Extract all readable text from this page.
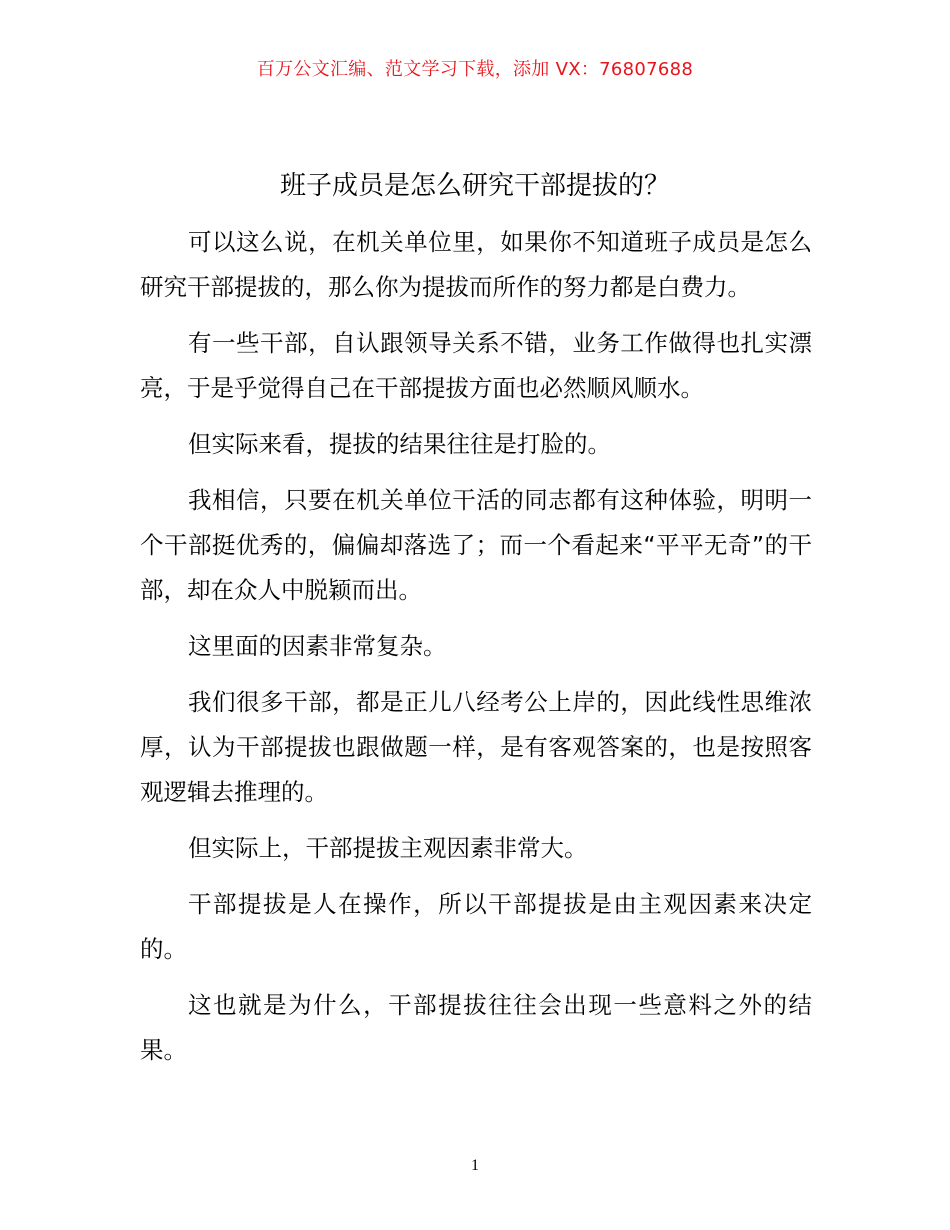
百万公文汇编、范文学习下载，添加 VX：76807688
班子成员是怎么研究干部提拔的？

可以这么说，在机关单位里，如果你不知道班子成员是怎么研究干部提拔的，那么你为提拔而所作的努力都是白费力。

有一些干部，自认跟领导关系不错，业务工作做得也扎实漂亮，于是乎觉得自己在干部提拔方面也必然顺风顺水。

但实际来看，提拔的结果往往是打脸的。

我相信，只要在机关单位干活的同志都有这种体验，明明一个干部挺优秀的，偏偏却落选了；而一个看起来“平平无奇”的干部，却在众人中脱颖而出。

这里面的因素非常复杂。

我们很多干部，都是正儿八经考公上岸的，因此线性思维浓厚，认为干部提拔也跟做题一样，是有客观答案的，也是按照客观逻辑去推理的。

但实际上，干部提拔主观因素非常大。

干部提拔是人在操作，所以干部提拔是由主观因素来决定的。

这也就是为什么，干部提拔往往会出现一些意料之外的结果。

1
